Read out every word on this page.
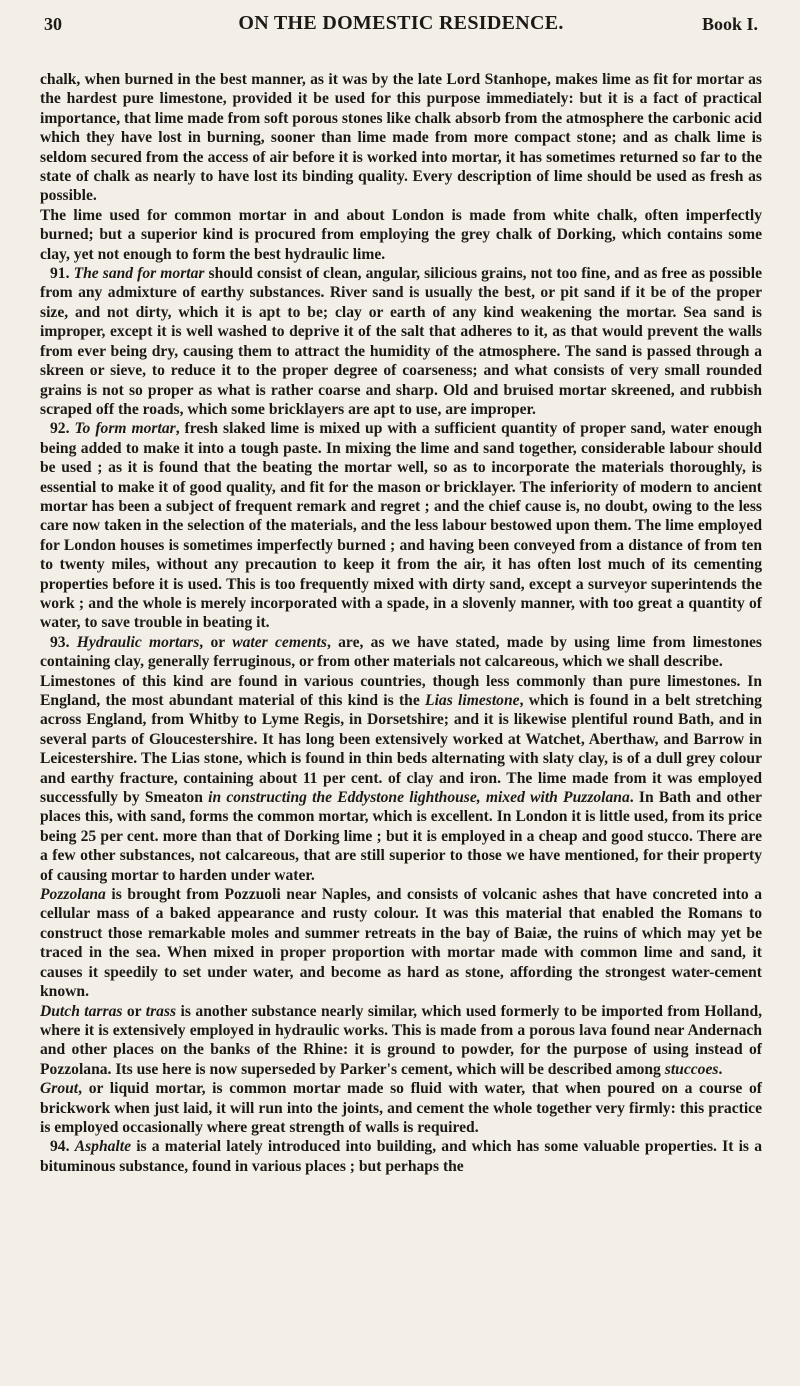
30	ON THE DOMESTIC RESIDENCE.	Book I.

chalk, when burned in the best manner, as it was by the late Lord Stanhope, makes lime as fit for mortar as the hardest pure limestone, provided it be used for this purpose immediately: but it is a fact of practical importance, that lime made from soft porous stones like chalk absorb from the atmosphere the carbonic acid which they have lost in burning, sooner than lime made from more compact stone; and as chalk lime is seldom secured from the access of air before it is worked into mortar, it has sometimes returned so far to the state of chalk as nearly to have lost its binding quality. Every description of lime should be used as fresh as possible.

The lime used for common mortar in and about London is made from white chalk, often imperfectly burned; but a superior kind is procured from employing the grey chalk of Dorking, which contains some clay, yet not enough to form the best hydraulic lime.

91. The sand for mortar should consist of clean, angular, silicious grains, not too fine, and as free as possible from any admixture of earthy substances. River sand is usually the best, or pit sand if it be of the proper size, and not dirty, which it is apt to be; clay or earth of any kind weakening the mortar. Sea sand is improper, except it is well washed to deprive it of the salt that adheres to it, as that would prevent the walls from ever being dry, causing them to attract the humidity of the atmosphere. The sand is passed through a skreen or sieve, to reduce it to the proper degree of coarseness; and what consists of very small rounded grains is not so proper as what is rather coarse and sharp. Old and bruised mortar skreened, and rubbish scraped off the roads, which some bricklayers are apt to use, are improper.

92. To form mortar, fresh slaked lime is mixed up with a sufficient quantity of proper sand, water enough being added to make it into a tough paste. In mixing the lime and sand together, considerable labour should be used ; as it is found that the beating the mortar well, so as to incorporate the materials thoroughly, is essential to make it of good quality, and fit for the mason or bricklayer. The inferiority of modern to ancient mortar has been a subject of frequent remark and regret ; and the chief cause is, no doubt, owing to the less care now taken in the selection of the materials, and the less labour bestowed upon them. The lime employed for London houses is sometimes imperfectly burned ; and having been conveyed from a distance of from ten to twenty miles, without any precaution to keep it from the air, it has often lost much of its cementing properties before it is used. This is too frequently mixed with dirty sand, except a surveyor superintends the work ; and the whole is merely incorporated with a spade, in a slovenly manner, with too great a quantity of water, to save trouble in beating it.

93. Hydraulic mortars, or water cements, are, as we have stated, made by using lime from limestones containing clay, generally ferruginous, or from other materials not calcareous, which we shall describe.

Limestones of this kind are found in various countries, though less commonly than pure limestones. In England, the most abundant material of this kind is the Lias limestone, which is found in a belt stretching across England, from Whitby to Lyme Regis, in Dorsetshire; and it is likewise plentiful round Bath, and in several parts of Gloucestershire. It has long been extensively worked at Watchet, Aberthaw, and Barrow in Leicestershire. The Lias stone, which is found in thin beds alternating with slaty clay, is of a dull grey colour and earthy fracture, containing about 11 per cent. of clay and iron. The lime made from it was employed successfully by Smeaton in constructing the Eddystone lighthouse, mixed with Puzzolana. In Bath and other places this, with sand, forms the common mortar, which is excellent. In London it is little used, from its price being 25 per cent. more than that of Dorking lime ; but it is employed in a cheap and good stucco. There are a few other substances, not calcareous, that are still superior to those we have mentioned, for their property of causing mortar to harden under water.

Pozzolana is brought from Pozzuoli near Naples, and consists of volcanic ashes that have concreted into a cellular mass of a baked appearance and rusty colour. It was this material that enabled the Romans to construct those remarkable moles and summer retreats in the bay of Baiæ, the ruins of which may yet be traced in the sea. When mixed in proper proportion with mortar made with common lime and sand, it causes it speedily to set under water, and become as hard as stone, affording the strongest water-cement known.

Dutch tarras or trass is another substance nearly similar, which used formerly to be imported from Holland, where it is extensively employed in hydraulic works. This is made from a porous lava found near Andernach and other places on the banks of the Rhine: it is ground to powder, for the purpose of using instead of Pozzolana. Its use here is now superseded by Parker's cement, which will be described among stuccoes.

Grout, or liquid mortar, is common mortar made so fluid with water, that when poured on a course of brickwork when just laid, it will run into the joints, and cement the whole together very firmly: this practice is employed occasionally where great strength of walls is required.

94. Asphalte is a material lately introduced into building, and which has some valuable properties. It is a bituminous substance, found in various places ; but perhaps the
